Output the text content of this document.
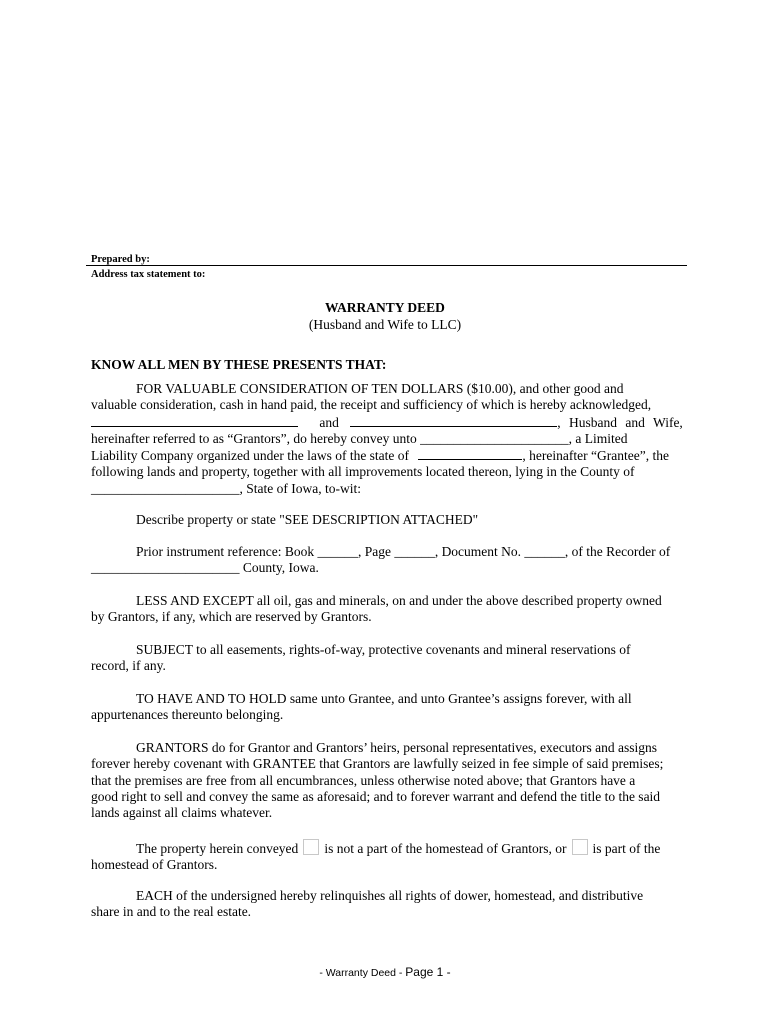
Prepared by:
Address tax statement to:
WARRANTY DEED
(Husband and Wife to LLC)
KNOW ALL MEN BY THESE PRESENTS THAT:

FOR VALUABLE CONSIDERATION OF TEN DOLLARS ($10.00), and other good and

valuable consideration, cash in hand paid, the receipt and sufficiency of which is hereby acknowledged,

and	, Husband and Wife,

hereinafter referred to as “Grantors”, do hereby convey unto ______________________, a Limited

Liability Company organized under the laws of the state of	, hereinafter “Grantee”, the

following lands and property, together with all improvements located thereon, lying in the County of

______________________, State of Iowa, to-wit:

Describe property or state "SEE DESCRIPTION ATTACHED"

Prior instrument reference: Book ______, Page ______, Document No. ______, of the Recorder of

______________________ County, Iowa.

LESS AND EXCEPT all oil, gas and minerals, on and under the above described property owned

by Grantors, if any, which are reserved by Grantors.

SUBJECT to all easements, rights-of-way, protective covenants and mineral reservations of

record, if any.

TO HAVE AND TO HOLD same unto Grantee, and unto Grantee’s assigns forever, with all

appurtenances thereunto belonging.

GRANTORS do for Grantor and Grantors’ heirs, personal representatives, executors and assigns

forever hereby covenant with GRANTEE that Grantors are lawfully seized in fee simple of said premises;

that the premises are free from all encumbrances, unless otherwise noted above; that Grantors have a

good right to sell and convey the same as aforesaid; and to forever warrant and defend the title to the said

lands against all claims whatever.

The property herein conveyed is not a part of the homestead of Grantors, or is part of the

homestead of Grantors.

EACH of the undersigned hereby relinquishes all rights of dower, homestead, and distributive

share in and to the real estate.

- Warranty Deed - Page 1 -
